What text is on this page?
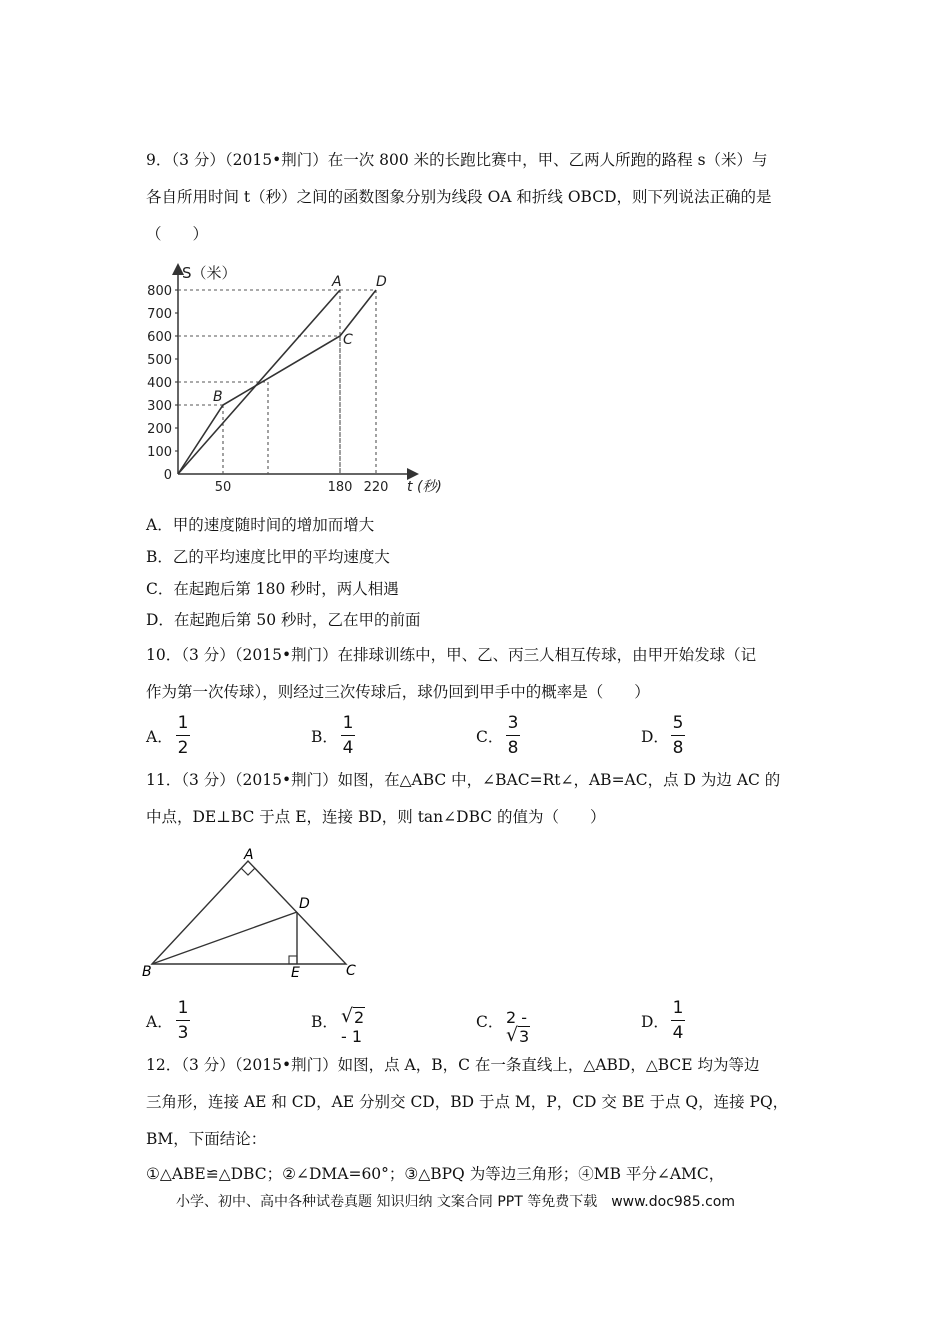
9．（3 分）（2015•荆门）在一次 800 米的长跑比赛中，甲、乙两人所跑的路程 s（米）与
各自所用时间 t（秒）之间的函数图象分别为线段 OA 和折线 OBCD，则下列说法正确的是
（　　）
S（米）
t (秒)
800
700
600
500
400
300
200
100
0
50	180 220
A
B
C
D
A．甲的速度随时间的增加而增大
B．乙的平均速度比甲的平均速度大
C．在起跑后第 180 秒时，两人相遇
D．在起跑后第 50 秒时，乙在甲的前面
10．（3 分）（2015•荆门）在排球训练中，甲、乙、丙三人相互传球，由甲开始发球（记
作为第一次传球），则经过三次传球后，球仍回到甲手中的概率是（　　）
A．
1
2
B．
1
4
C．
3
8
D．
5
8
11．（3 分）（2015•荆门）如图，在△ABC 中，∠BAC=Rt∠，AB=AC，点 D 为边 AC 的
中点，DE⊥BC 于点 E，连接 BD，则 tan∠DBC 的值为（　　）
A
B	C
D
E
A．
1
3
B． √ 2 - 1
C． 2 -
√ 3
D．
1
4
12．（3 分）（2015•荆门）如图，点 A，B，C 在一条直线上，△ABD，△BCE 均为等边
三角形，连接 AE 和 CD，AE 分别交 CD，BD 于点 M，P，CD 交 BE 于点 Q，连接 PQ，
BM，下面结论：
①△ABE≌△DBC；②∠DMA=60°；③△BPQ 为等边三角形；④MB 平分∠AMC，
小学、初中、高中各种试卷真题 知识归纳 文案合同 PPT 等免费下载　www.doc985.com
